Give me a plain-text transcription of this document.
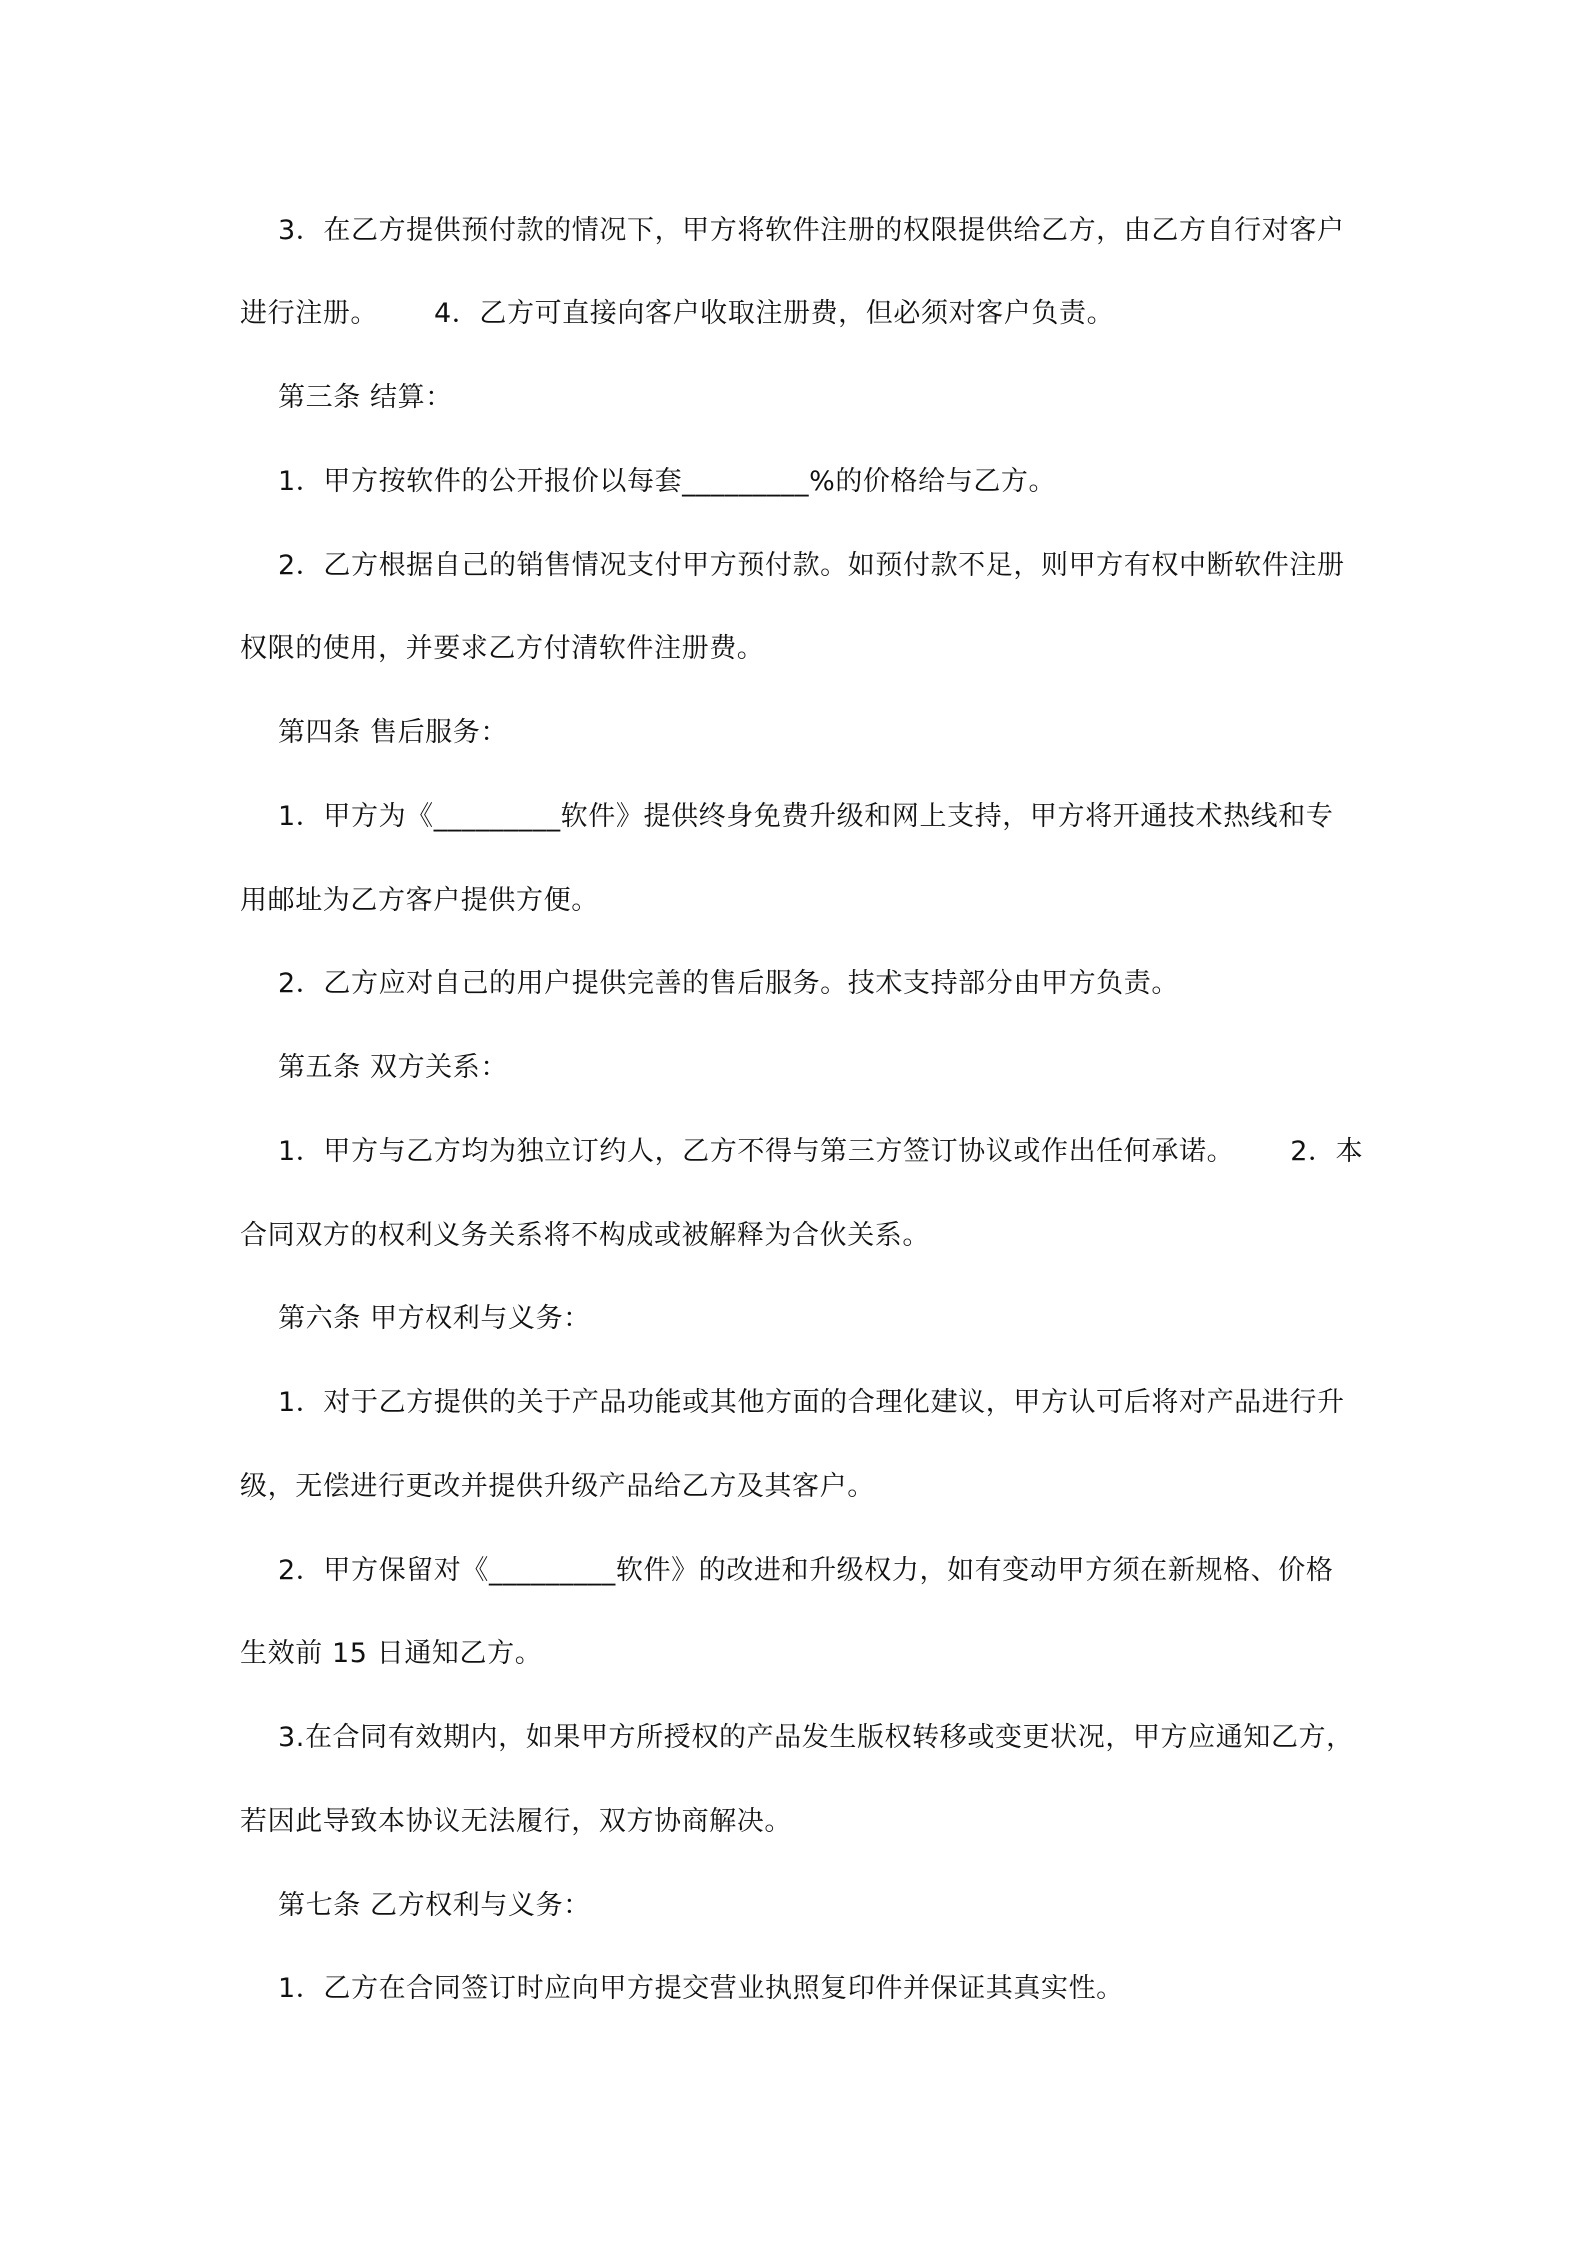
3．在乙方提供预付款的情况下，甲方将软件注册的权限提供给乙方，由乙方自行对客户
进行注册。 4．乙方可直接向客户收取注册费，但必须对客户负责。
第三条 结算：
1．甲方按软件的公开报价以每套_________%的价格给与乙方。
2．乙方根据自己的销售情况支付甲方预付款。如预付款不足，则甲方有权中断软件注册
权限的使用，并要求乙方付清软件注册费。
第四条 售后服务：
1．甲方为《_________软件》提供终身免费升级和网上支持，甲方将开通技术热线和专
用邮址为乙方客户提供方便。
2．乙方应对自己的用户提供完善的售后服务。技术支持部分由甲方负责。
第五条 双方关系：
1．甲方与乙方均为独立订约人，乙方不得与第三方签订协议或作出任何承诺。 2．本
合同双方的权利义务关系将不构成或被解释为合伙关系。
第六条 甲方权利与义务：
1．对于乙方提供的关于产品功能或其他方面的合理化建议，甲方认可后将对产品进行升
级，无偿进行更改并提供升级产品给乙方及其客户。
2．甲方保留对《_________软件》的改进和升级权力，如有变动甲方须在新规格、价格
生效前 15 日通知乙方。
3.在合同有效期内，如果甲方所授权的产品发生版权转移或变更状况，甲方应通知乙方，
若因此导致本协议无法履行，双方协商解决。
第七条 乙方权利与义务：
1．乙方在合同签订时应向甲方提交营业执照复印件并保证其真实性。
